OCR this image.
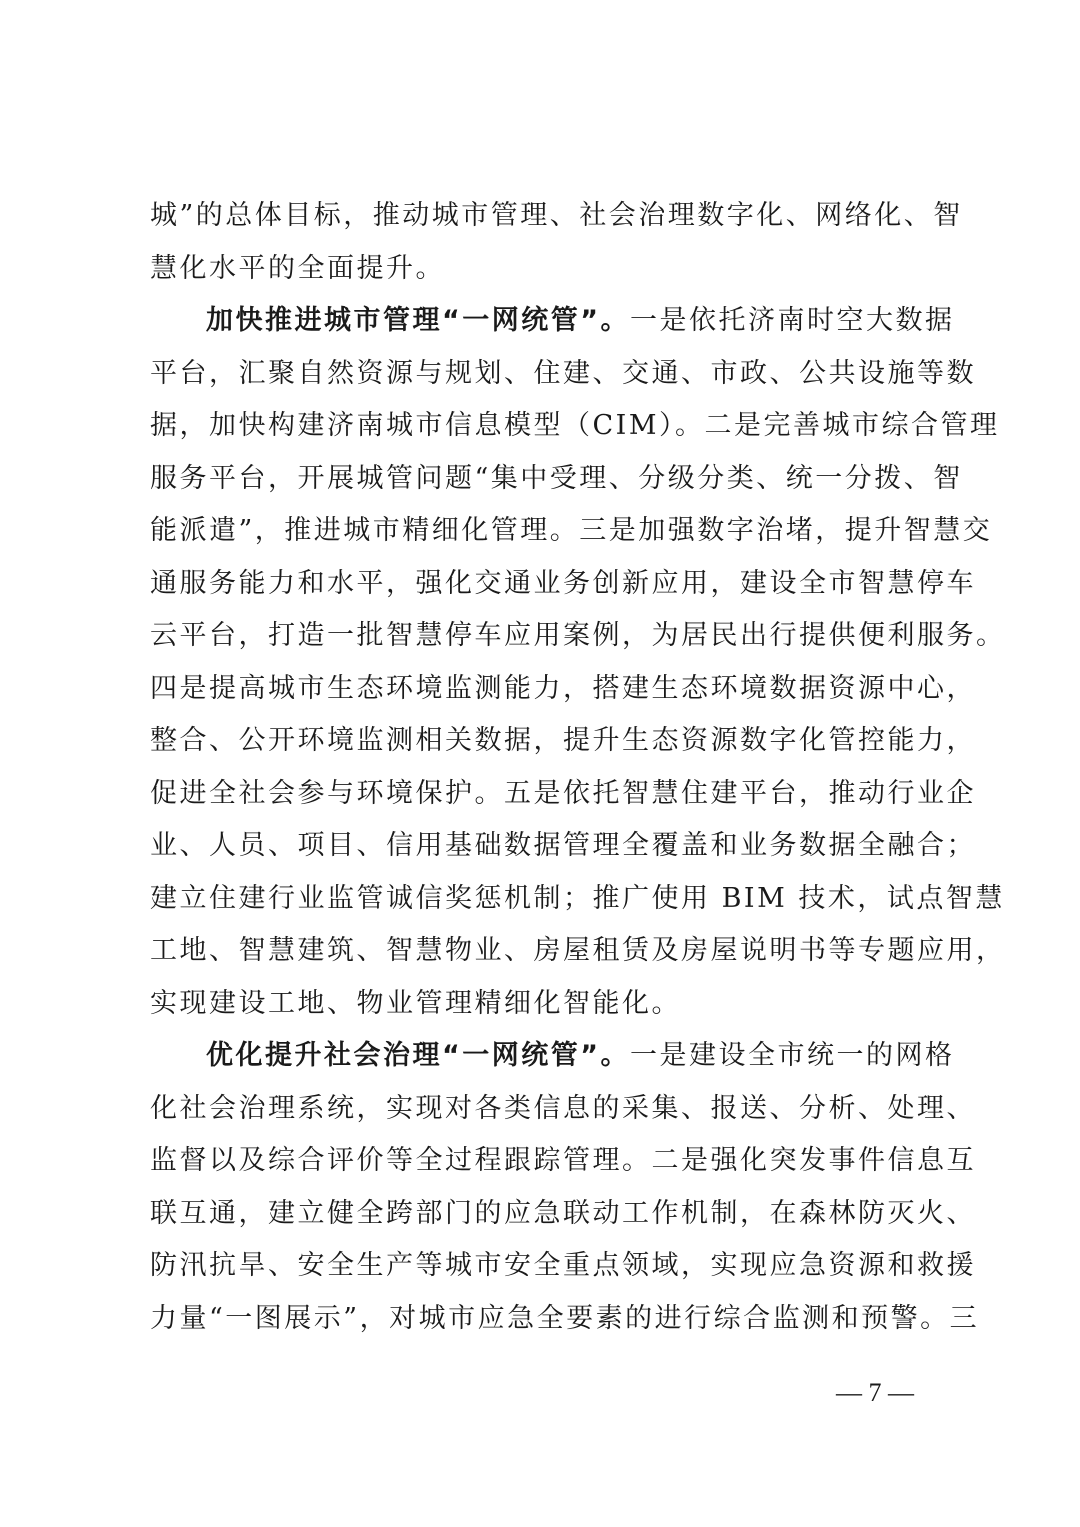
城”的总体目标，推动城市管理、社会治理数字化、网络化、智
慧化水平的全面提升。
加快推进城市管理“一网统管”。一是依托济南时空大数据
平台，汇聚自然资源与规划、住建、交通、市政、公共设施等数
据，加快构建济南城市信息模型（CIM）。二是完善城市综合管理
服务平台，开展城管问题“集中受理、分级分类、统一分拨、智
能派遣”，推进城市精细化管理。三是加强数字治堵，提升智慧交
通服务能力和水平，强化交通业务创新应用，建设全市智慧停车
云平台，打造一批智慧停车应用案例，为居民出行提供便利服务。
四是提高城市生态环境监测能力，搭建生态环境数据资源中心，
整合、公开环境监测相关数据，提升生态资源数字化管控能力，
促进全社会参与环境保护。五是依托智慧住建平台，推动行业企
业、人员、项目、信用基础数据管理全覆盖和业务数据全融合；
建立住建行业监管诚信奖惩机制；推广使用 BIM 技术，试点智慧
工地、智慧建筑、智慧物业、房屋租赁及房屋说明书等专题应用，
实现建设工地、物业管理精细化智能化。
优化提升社会治理“一网统管”。一是建设全市统一的网格
化社会治理系统，实现对各类信息的采集、报送、分析、处理、
监督以及综合评价等全过程跟踪管理。二是强化突发事件信息互
联互通，建立健全跨部门的应急联动工作机制，在森林防灭火、
防汛抗旱、安全生产等城市安全重点领域，实现应急资源和救援
力量“一图展示”，对城市应急全要素的进行综合监测和预警。三
— 7 —
